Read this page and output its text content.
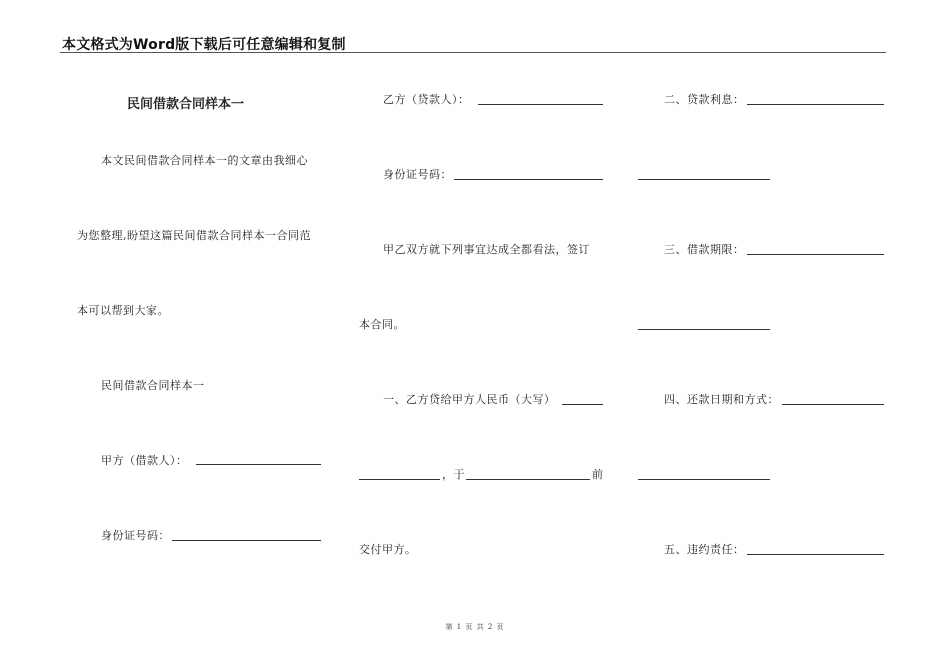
本文格式为Word版下载后可任意编辑和复制
民间借款合同样本一
本文民间借款合同样本一的文章由我细心
为您整理,盼望这篇民间借款合同样本一合同范
本可以帮到大家。
民间借款合同样本一
甲方（借款人）：
身份证号码：
乙方（贷款人）：
身份证号码：
甲乙双方就下列事宜达成全都看法，签订
本合同。
一、乙方贷给甲方人民币（大写）
，于	前
交付甲方。
二、贷款利息：
三、借款期限：
四、还款日期和方式：
五、违约责任：
第 1 页 共 2 页
